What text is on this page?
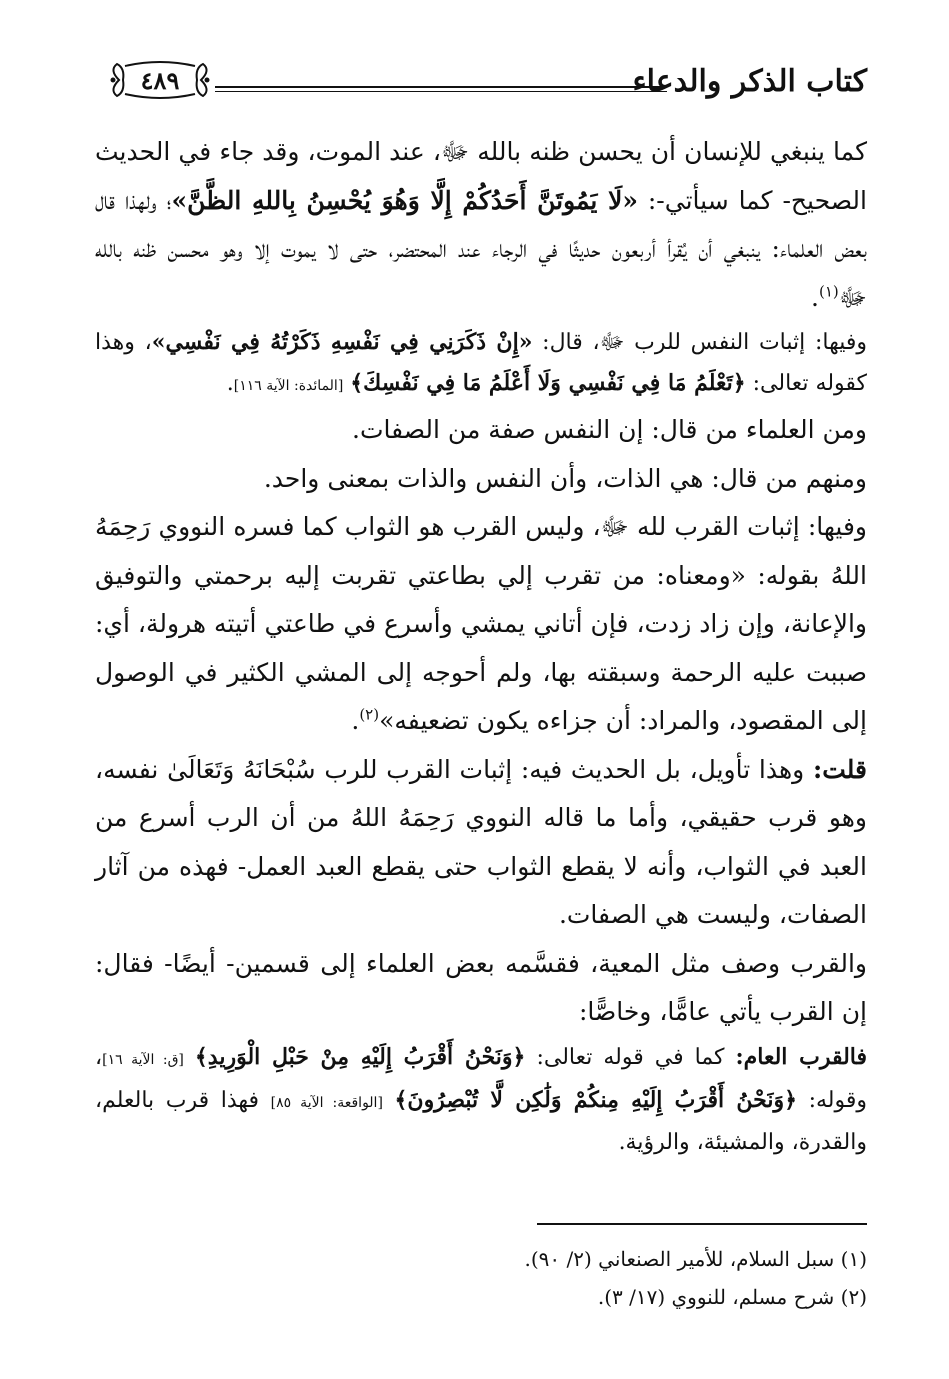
٤٨٩	كتاب الذكر والدعاء

كما ينبغي للإنسان أن يحسن ظنه بالله ﷻ، عند الموت، وقد جاء في الحديث الصحيح- كما سيأتي-: «لَا يَمُوتَنَّ أَحَدُكُمْ إِلَّا وَهُوَ يُحْسِنُ بِاللهِ الظَّنَّ»؛ ولهذا قال بعض العلماء: ينبغي أن يُقرأ أربعون حديثًا في الرجاء عند المحتضر، حتى لا يموت إلا وهو محسن ظنه بالله ﷻ$^{(١)}$.

وفيها: إثبات النفس للرب ﷻ، قال: «إِنْ ذَكَرَنِي فِي نَفْسِهِ ذَكَرْتُهُ فِي نَفْسِي»، وهذا كقوله تعالى: ﴿تَعْلَمُ مَا فِي نَفْسِي وَلَا أَعْلَمُ مَا فِي نَفْسِكَ﴾ [المائدة: الآية ١١٦].

ومن العلماء من قال: إن النفس صفة من الصفات.

ومنهم من قال: هي الذات، وأن النفس والذات بمعنى واحد.

وفيها: إثبات القرب لله ﷻ، وليس القرب هو الثواب كما فسره النووي رَحِمَهُ اللهُ بقوله: «ومعناه: من تقرب إلي بطاعتي تقربت إليه برحمتي والتوفيق والإعانة، وإن زاد زدت، فإن أتاني يمشي وأسرع في طاعتي أتيته هرولة، أي: صببت عليه الرحمة وسبقته بها، ولم أحوجه إلى المشي الكثير في الوصول إلى المقصود، والمراد: أن جزاءه يكون تضعيفه»$^{(٢)}$.

قلت: وهذا تأويل، بل الحديث فيه: إثبات القرب للرب سُبْحَانَهُ وَتَعَالَىٰ نفسه، وهو قرب حقيقي، وأما ما قاله النووي رَحِمَهُ اللهُ من أن الرب أسرع من العبد في الثواب، وأنه لا يقطع الثواب حتى يقطع العبد العمل- فهذه من آثار الصفات، وليست هي الصفات.

والقرب وصف مثل المعية، فقسَّمه بعض العلماء إلى قسمين- أيضًا- فقال: إن القرب يأتي عامًّا، وخاصًّا:

فالقرب العام: كما في قوله تعالى: ﴿وَنَحْنُ أَقْرَبُ إِلَيْهِ مِنْ حَبْلِ الْوَرِيدِ﴾ [ق: الآية ١٦]، وقوله: ﴿وَنَحْنُ أَقْرَبُ إِلَيْهِ مِنكُمْ وَلَٰكِن لَّا تُبْصِرُونَ﴾ [الواقعة: الآية ٨٥] فهذا قرب بالعلم، والقدرة، والمشيئة، والرؤية.

(١) سبل السلام، للأمير الصنعاني (٢/ ٩٠).

(٢) شرح مسلم، للنووي (١٧/ ٣).
